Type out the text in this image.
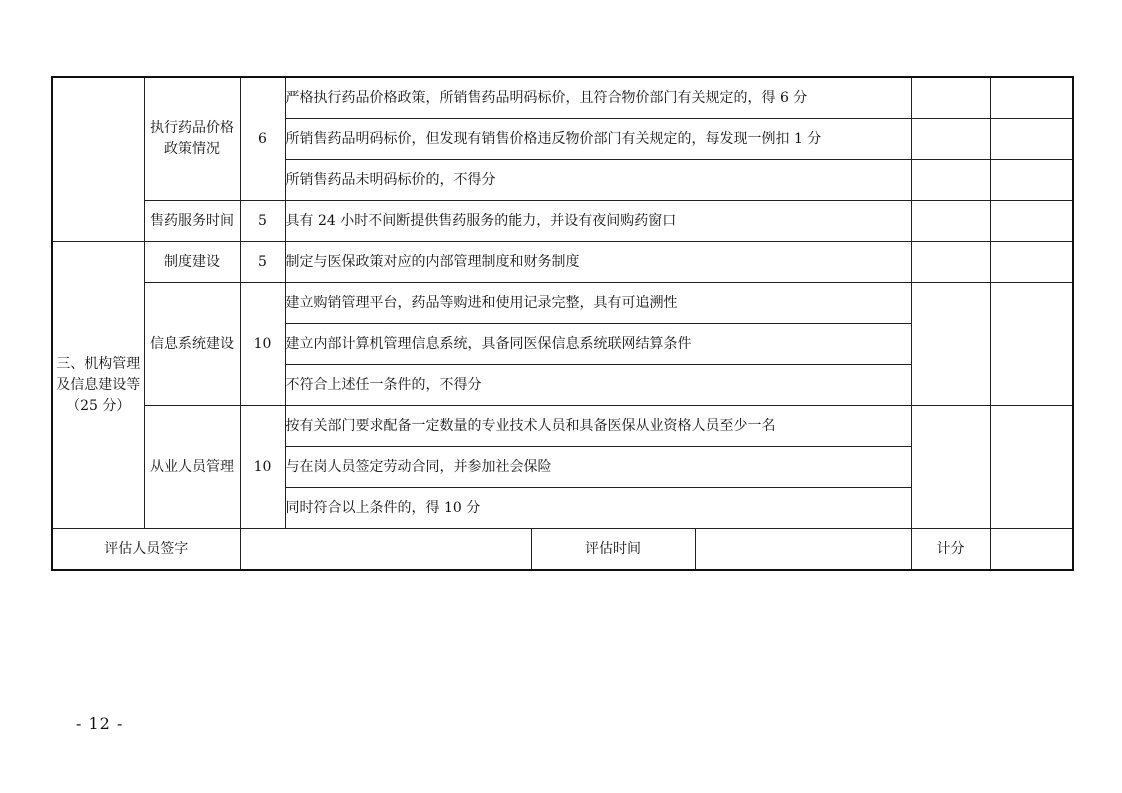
	执行药品价格政策情况	6	严格执行药品价格政策，所销售药品明码标价，且符合物价部门有关规定的，得 6 分				
			所销售药品明码标价，但发现有销售价格违反物价部门有关规定的，每发现一例扣 1 分				
			所销售药品未明码标价的，不得分				
	售药服务时间	5	具有 24 小时不间断提供售药服务的能力，并设有夜间购药窗口				
三、机构管理及信息建设等（25 分）	制度建设	5	制定与医保政策对应的内部管理制度和财务制度				
	信息系统建设	10	建立购销管理平台，药品等购进和使用记录完整，具有可追溯性				
			建立内部计算机管理信息系统，具备同医保信息系统联网结算条件				
			不符合上述任一条件的，不得分				
	从业人员管理	10	按有关部门要求配备一定数量的专业技术人员和具备医保从业资格人员至少一名				
			与在岗人员签定劳动合同，并参加社会保险				
			同时符合以上条件的，得 10 分				
评估人员签字				评估时间		计分	
- 12 -
